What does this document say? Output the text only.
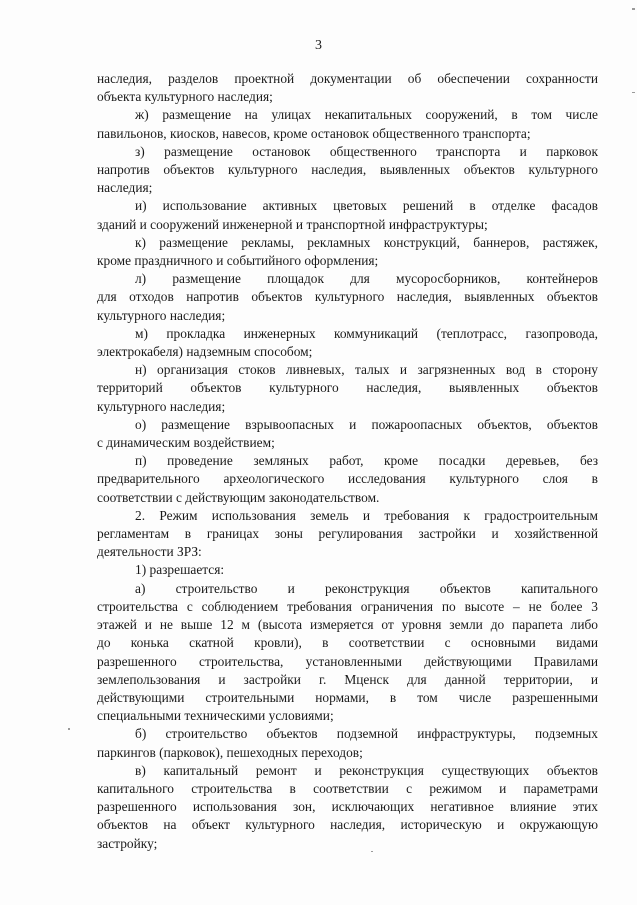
3
наследия, разделов проектной документации об обеспечении сохранности
объекта культурного наследия;
ж) размещение на улицах некапитальных сооружений, в том числе
павильонов, киосков, навесов, кроме остановок общественного транспорта;
з) размещение остановок общественного транспорта и парковок
напротив объектов культурного наследия, выявленных объектов культурного
наследия;
и) использование активных цветовых решений в отделке фасадов
зданий и сооружений инженерной и транспортной инфраструктуры;
к) размещение рекламы, рекламных конструкций, баннеров, растяжек,
кроме праздничного и событийного оформления;
л) размещение площадок для мусоросборников, контейнеров
для отходов напротив объектов культурного наследия, выявленных объектов
культурного наследия;
м) прокладка инженерных коммуникаций (теплотрасс, газопровода,
электрокабеля) надземным способом;
н) организация стоков ливневых, талых и загрязненных вод в сторону
территорий объектов культурного наследия, выявленных объектов
культурного наследия;
о) размещение взрывоопасных и пожароопасных объектов, объектов
с динамическим воздействием;
п) проведение земляных работ, кроме посадки деревьев, без
предварительного археологического исследования культурного слоя в
соответствии с действующим законодательством.
2. Режим использования земель и требования к градостроительным
регламентам в границах зоны регулирования застройки и хозяйственной
деятельности ЗРЗ:
1) разрешается:
а) строительство и реконструкция объектов капитального
строительства с соблюдением требования ограничения по высоте – не более 3
этажей и не выше 12 м (высота измеряется от уровня земли до парапета либо
до конька скатной кровли), в соответствии с основными видами
разрешенного строительства, установленными действующими Правилами
землепользования и застройки г. Мценск для данной территории, и
действующими строительными нормами, в том числе разрешенными
специальными техническими условиями;
б) строительство объектов подземной инфраструктуры, подземных
паркингов (парковок), пешеходных переходов;
в) капитальный ремонт и реконструкция существующих объектов
капитального строительства в соответствии с режимом и параметрами
разрешенного использования зон, исключающих негативное влияние этих
объектов на объект культурного наследия, историческую и окружающую
застройку;
